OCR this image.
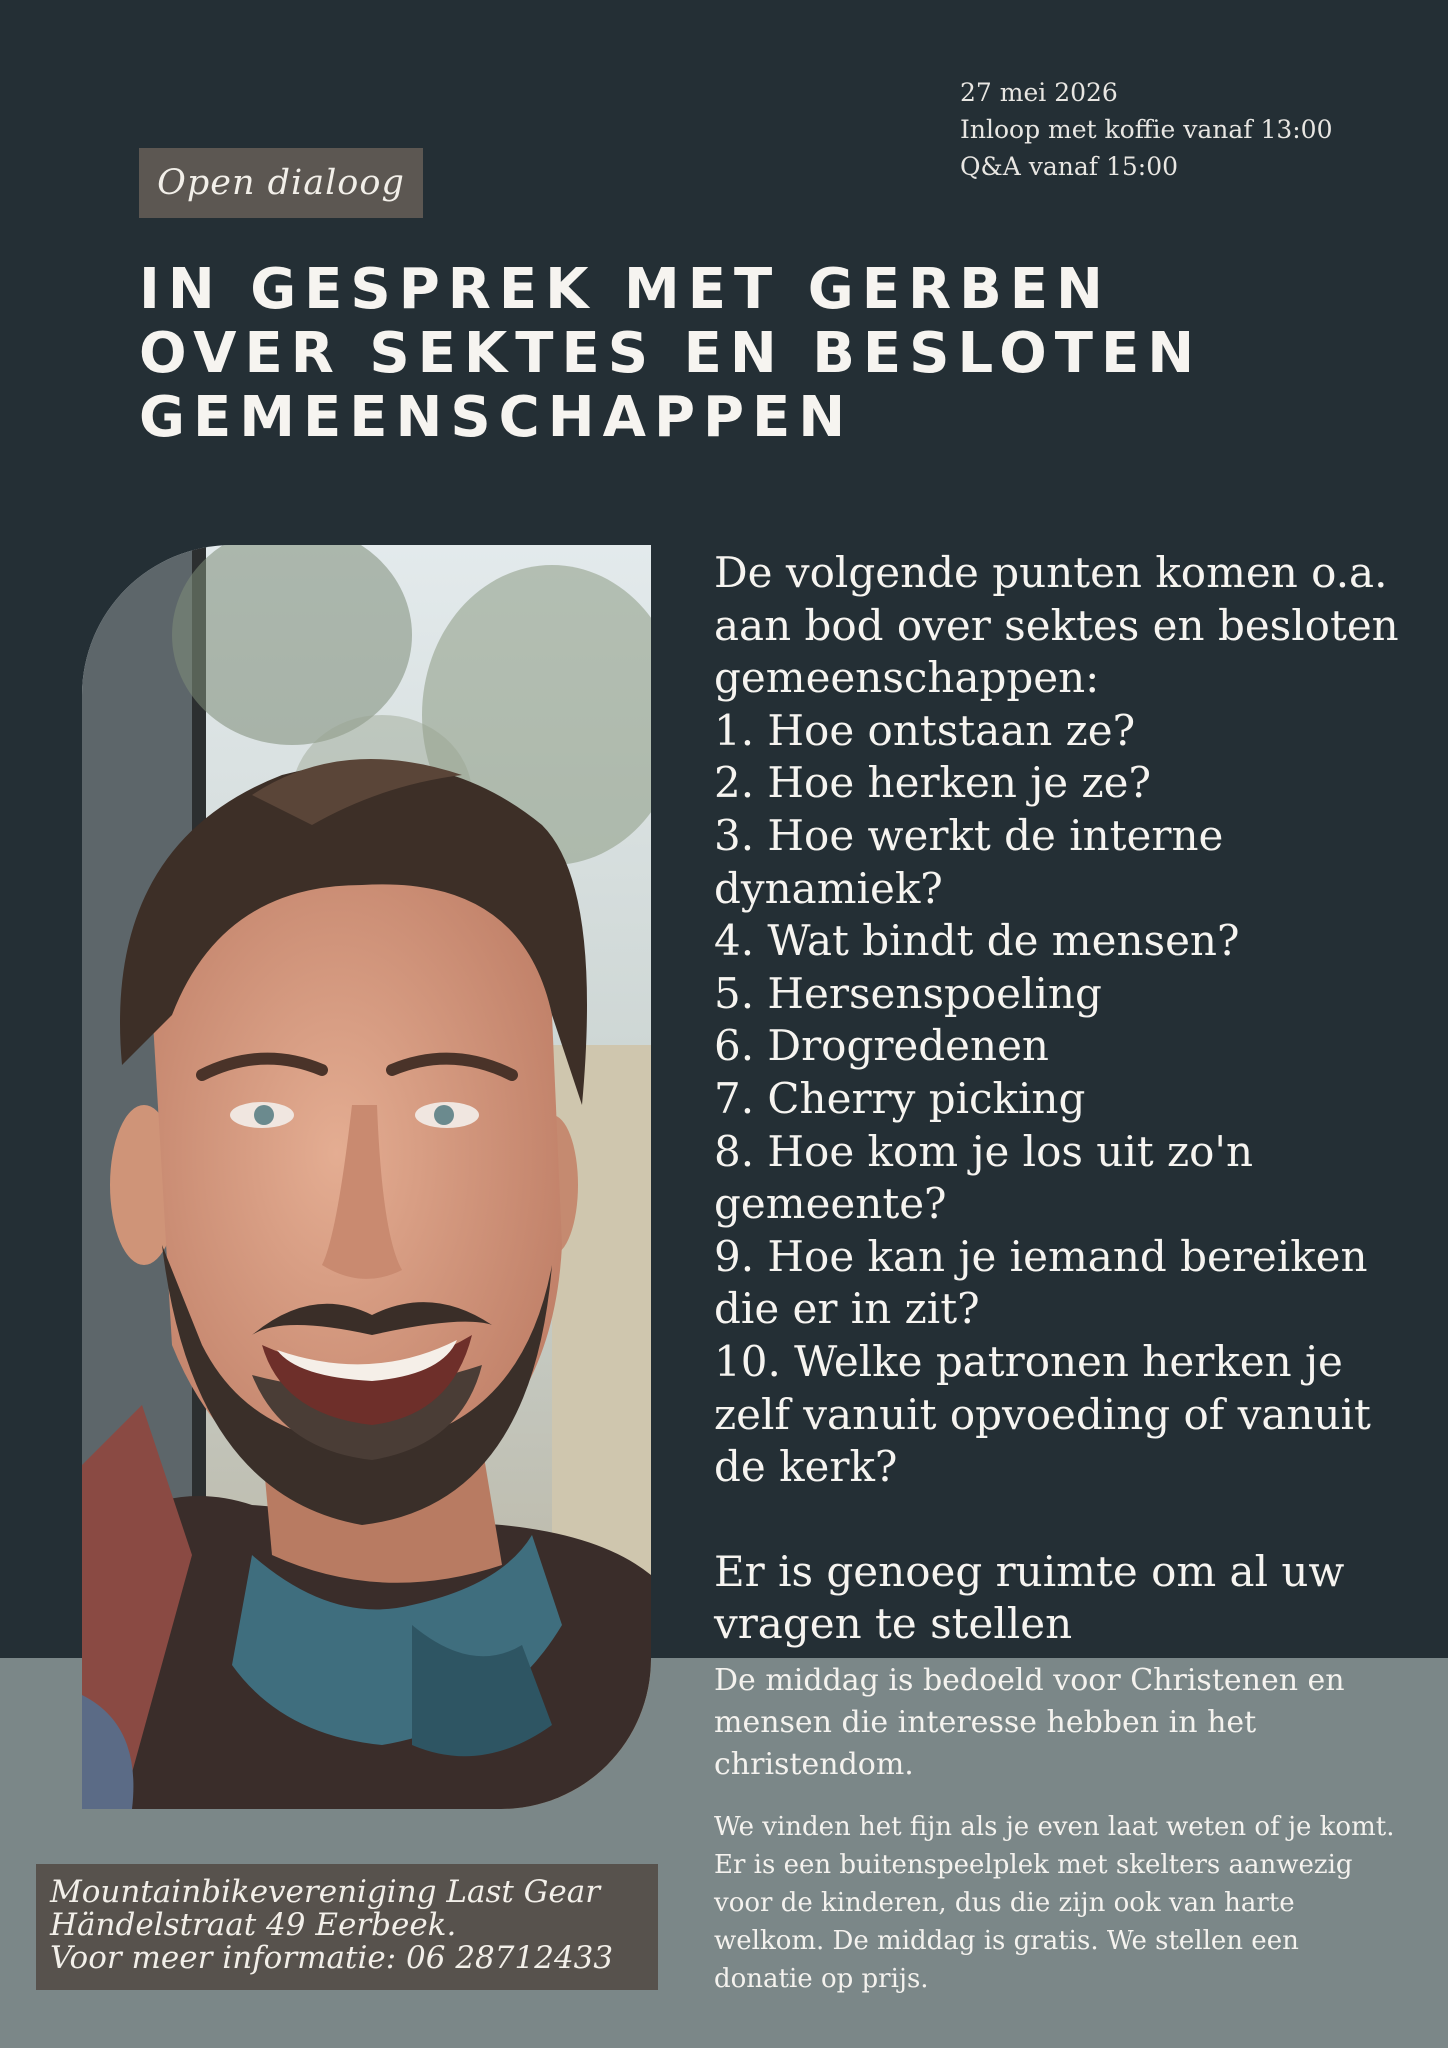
27 mei 2026
Inloop met koffie vanaf 13:00
Q&A vanaf 15:00
Open dialoog
IN GESPREK MET GERBEN
OVER SEKTES EN BESLOTEN
GEMEENSCHAPPEN
De volgende punten komen o.a.
aan bod over sektes en besloten
gemeenschappen:
1. Hoe ontstaan ze?
2. Hoe herken je ze?
3. Hoe werkt de interne
dynamiek?
4. Wat bindt de mensen?
5. Hersenspoeling
6. Drogredenen
7. Cherry picking
8. Hoe kom je los uit zo'n
gemeente?
9. Hoe kan je iemand bereiken
die er in zit?
10. Welke patronen herken je
zelf vanuit opvoeding of vanuit
de kerk?
Er is genoeg ruimte om al uw
vragen te stellen
De middag is bedoeld voor Christenen en
mensen die interesse hebben in het
christendom.
We vinden het fijn als je even laat weten of je komt.
Er is een buitenspeelplek met skelters aanwezig
voor de kinderen, dus die zijn ook van harte
welkom. De middag is gratis. We stellen een
donatie op prijs.
Mountainbikevereniging Last Gear
Händelstraat 49 Eerbeek.
Voor meer informatie: 06 28712433
